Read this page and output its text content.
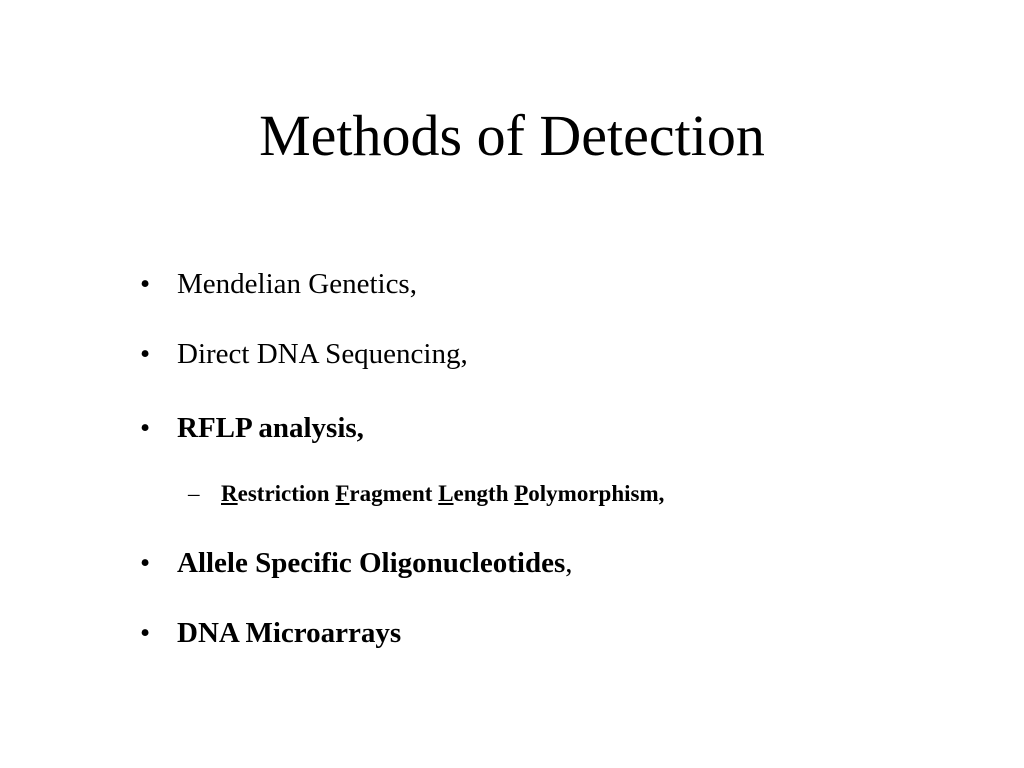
Methods of Detection
• Mendelian Genetics,
• Direct DNA Sequencing,
• RFLP analysis,
– Restriction Fragment Length Polymorphism,
• Allele Specific Oligonucleotides,
• DNA Microarrays
